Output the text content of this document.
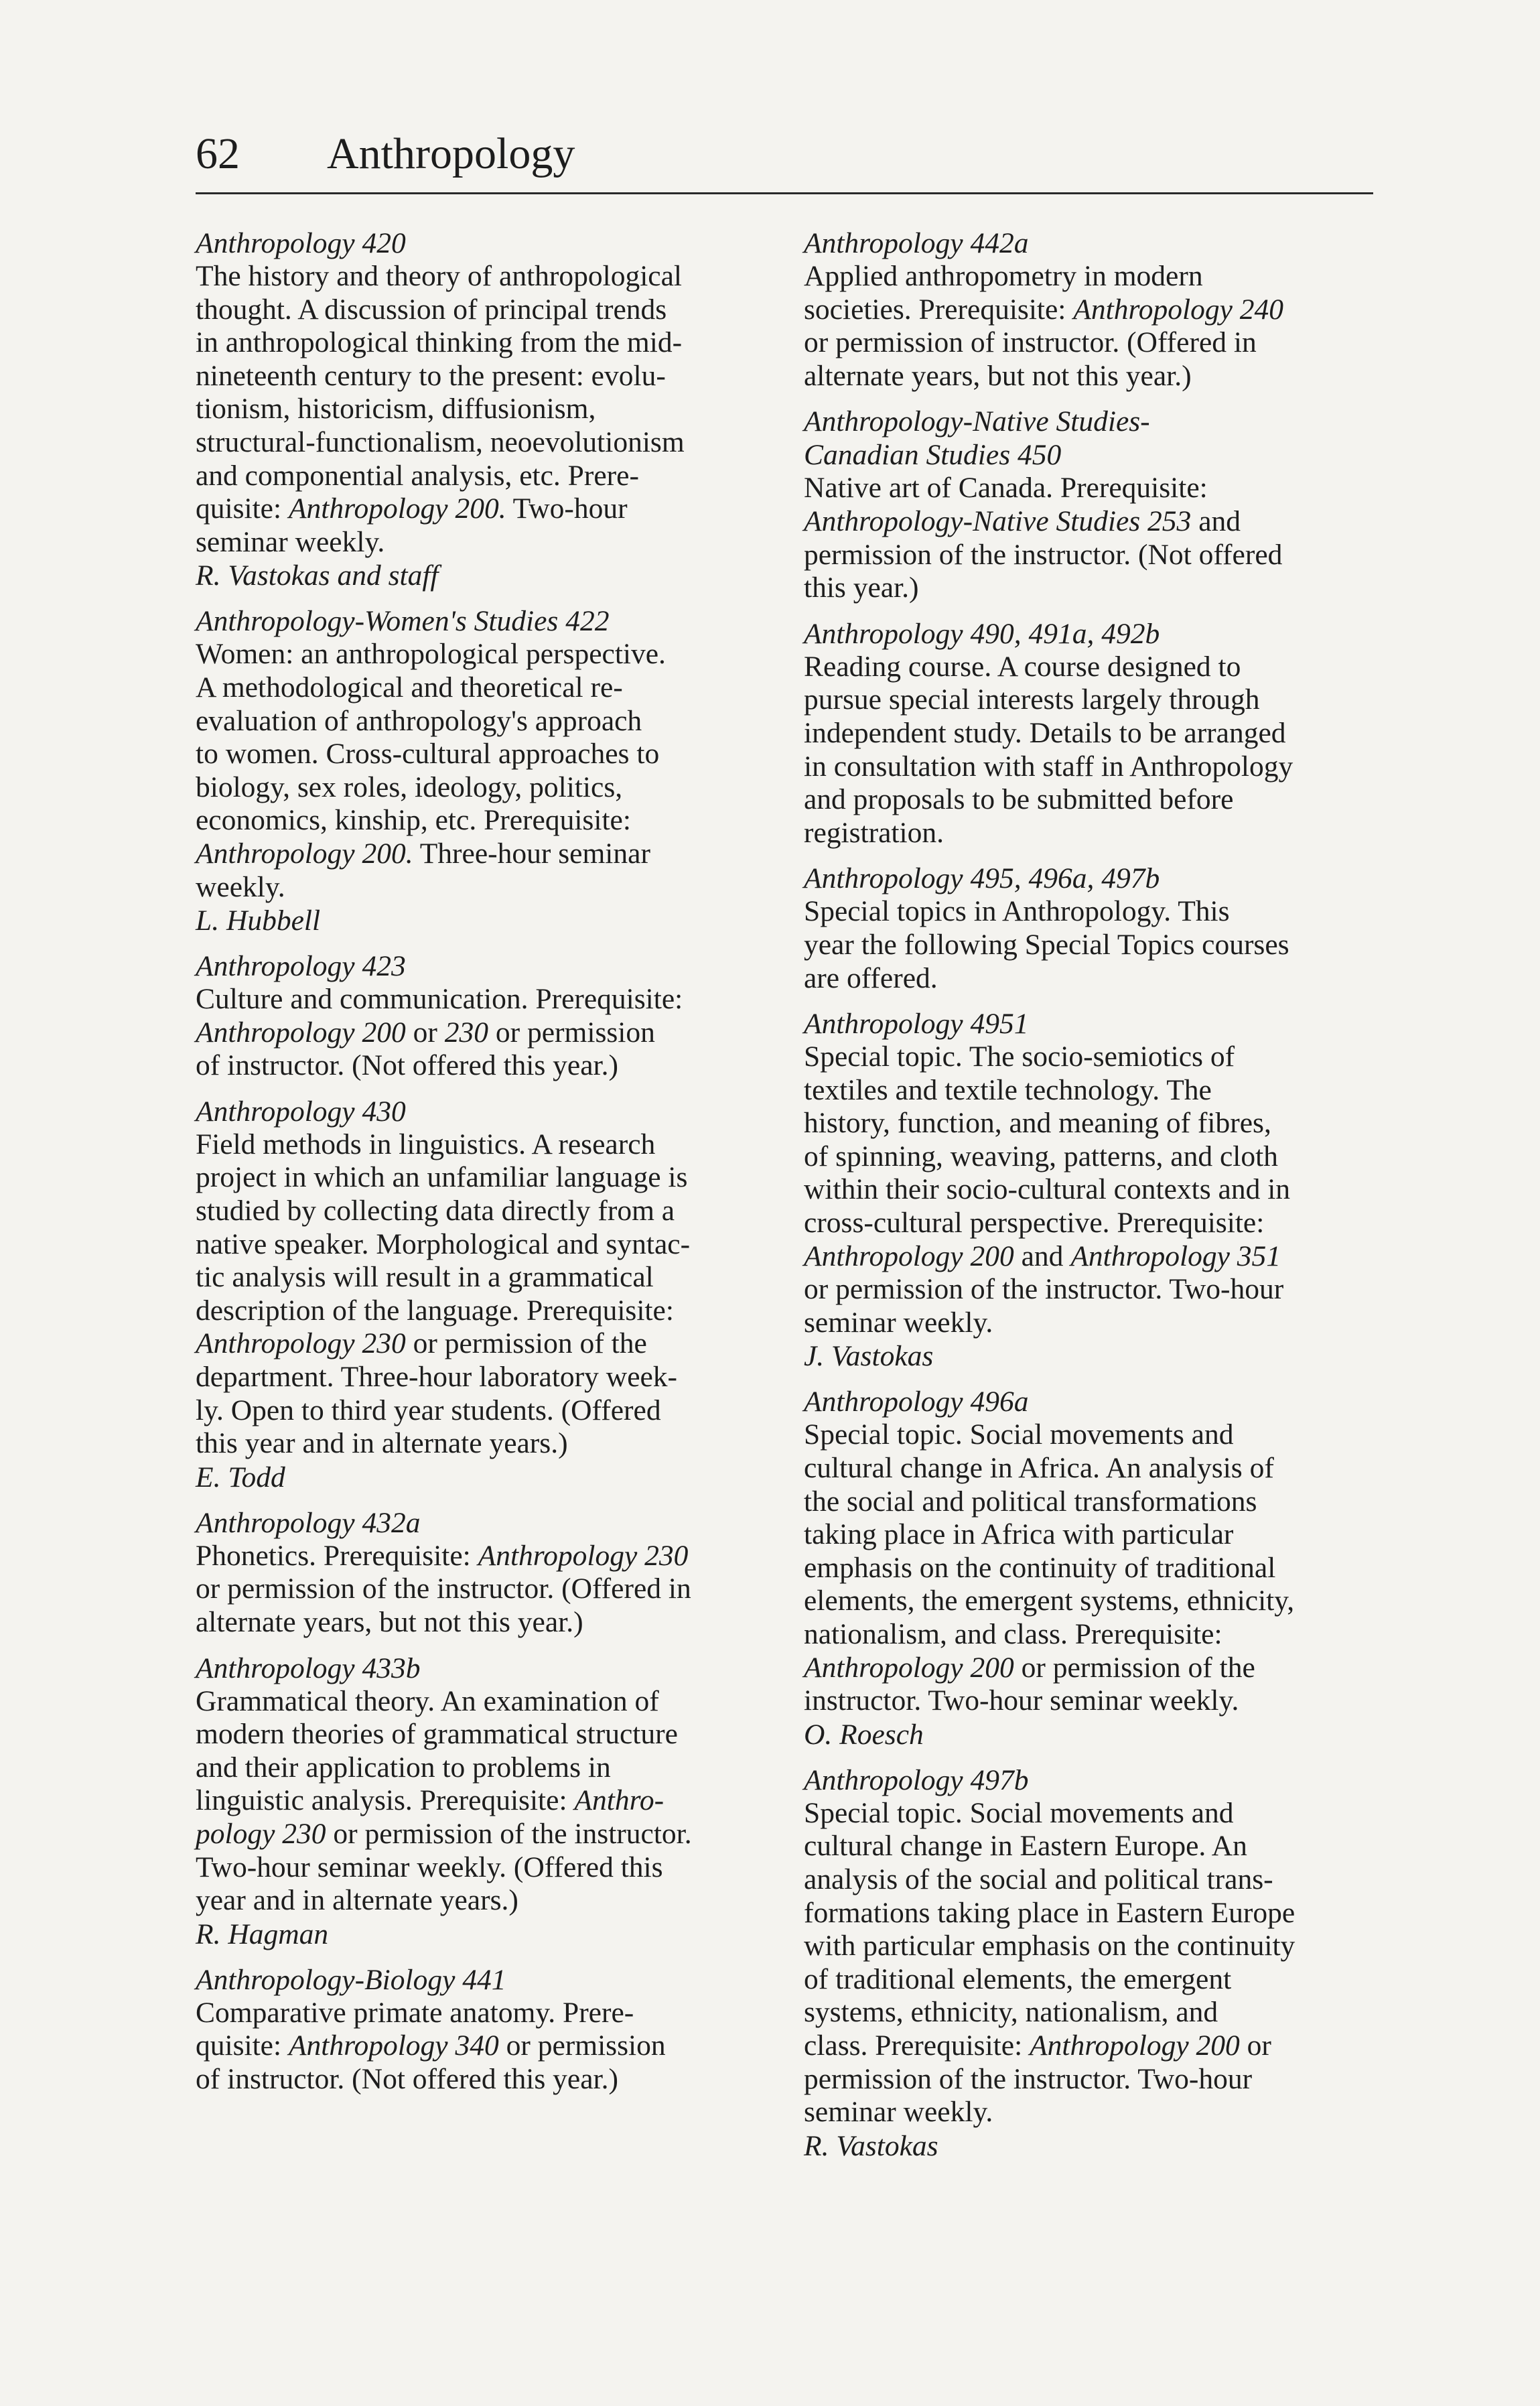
62 Anthropology

Anthropology 420

The history and theory of anthropological
thought. A discussion of principal trends
in anthropological thinking from the mid-
nineteenth century to the present: evolu-
tionism, historicism, diffusionism,
structural-functionalism, neoevolutionism
and componential analysis, etc. Prere-
quisite: Anthropology 200. Two-hour
seminar weekly.

R. Vastokas and staff

Anthropology-Women's Studies 422

Women: an anthropological perspective.
A methodological and theoretical re-
evaluation of anthropology's approach
to women. Cross-cultural approaches to
biology, sex roles, ideology, politics,
economics, kinship, etc. Prerequisite:
Anthropology 200. Three-hour seminar
weekly.

L. Hubbell

Anthropology 423

Culture and communication. Prerequisite:
Anthropology 200 or 230 or permission
of instructor. (Not offered this year.)

Anthropology 430

Field methods in linguistics. A research
project in which an unfamiliar language is
studied by collecting data directly from a
native speaker. Morphological and syntac-
tic analysis will result in a grammatical
description of the language. Prerequisite:
Anthropology 230 or permission of the
department. Three-hour laboratory week-
ly. Open to third year students. (Offered
this year and in alternate years.)

E. Todd

Anthropology 432a

Phonetics. Prerequisite: Anthropology 230
or permission of the instructor. (Offered in
alternate years, but not this year.)

Anthropology 433b

Grammatical theory. An examination of
modern theories of grammatical structure
and their application to problems in
linguistic analysis. Prerequisite: Anthro-
pology 230 or permission of the instructor.
Two-hour seminar weekly. (Offered this
year and in alternate years.)

R. Hagman

Anthropology-Biology 441

Comparative primate anatomy. Prere-
quisite: Anthropology 340 or permission
of instructor. (Not offered this year.)

Anthropology 442a

Applied anthropometry in modern
societies. Prerequisite: Anthropology 240
or permission of instructor. (Offered in
alternate years, but not this year.)

Anthropology-Native Studies-
Canadian Studies 450

Native art of Canada. Prerequisite:
Anthropology-Native Studies 253 and
permission of the instructor. (Not offered
this year.)

Anthropology 490, 491a, 492b

Reading course. A course designed to
pursue special interests largely through
independent study. Details to be arranged
in consultation with staff in Anthropology
and proposals to be submitted before
registration.

Anthropology 495, 496a, 497b

Special topics in Anthropology. This
year the following Special Topics courses
are offered.

Anthropology 4951

Special topic. The socio-semiotics of
textiles and textile technology. The
history, function, and meaning of fibres,
of spinning, weaving, patterns, and cloth
within their socio-cultural contexts and in
cross-cultural perspective. Prerequisite:
Anthropology 200 and Anthropology 351
or permission of the instructor. Two-hour
seminar weekly.

J. Vastokas

Anthropology 496a

Special topic. Social movements and
cultural change in Africa. An analysis of
the social and political transformations
taking place in Africa with particular
emphasis on the continuity of traditional
elements, the emergent systems, ethnicity,
nationalism, and class. Prerequisite:
Anthropology 200 or permission of the
instructor. Two-hour seminar weekly.

O. Roesch

Anthropology 497b

Special topic. Social movements and
cultural change in Eastern Europe. An
analysis of the social and political trans-
formations taking place in Eastern Europe
with particular emphasis on the continuity
of traditional elements, the emergent
systems, ethnicity, nationalism, and
class. Prerequisite: Anthropology 200 or
permission of the instructor. Two-hour
seminar weekly.

R. Vastokas
